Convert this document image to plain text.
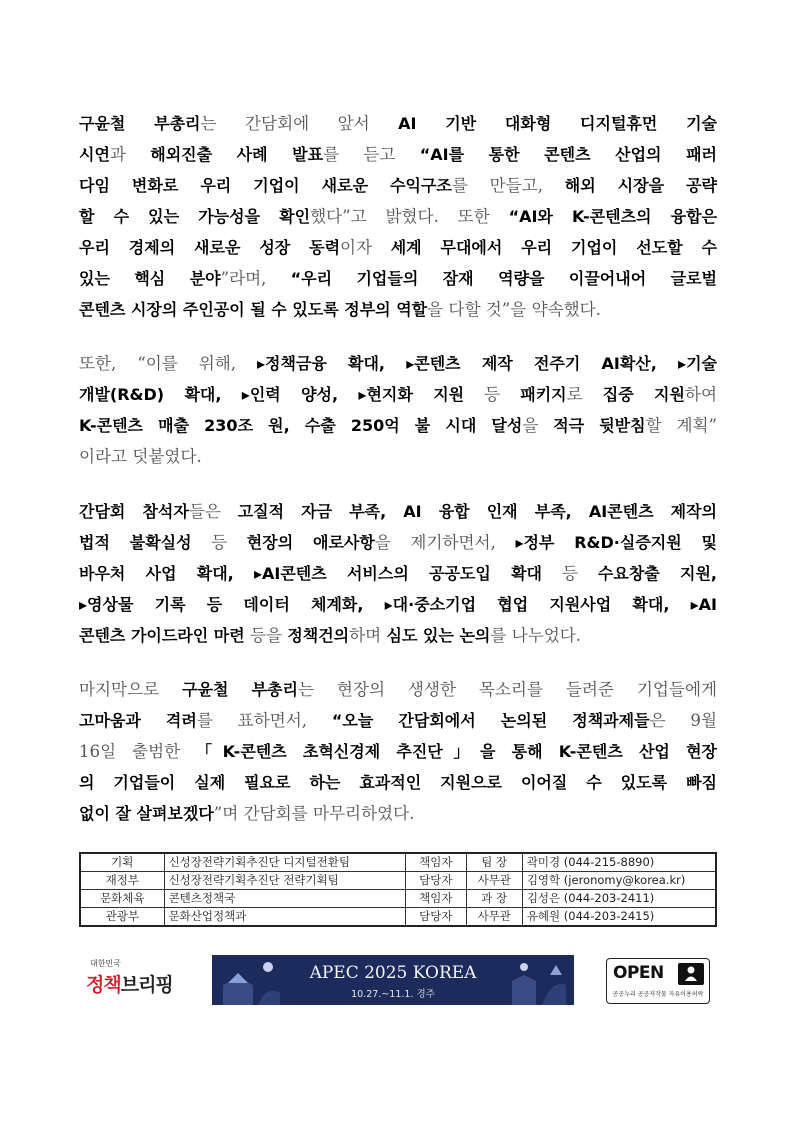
구윤철 부총리는 간담회에 앞서 AI 기반 대화형 디지털휴먼 기술
시연과 해외진출 사례 발표를 듣고 “AI를 통한 콘텐츠 산업의 패러
다임 변화로 우리 기업이 새로운 수익구조를 만들고, 해외 시장을 공략
할 수 있는 가능성을 확인했다”고 밝혔다. 또한 “AI와 K-콘텐츠의 융합은
우리 경제의 새로운 성장 동력이자 세계 무대에서 우리 기업이 선도할 수
있는 핵심 분야”라며, “우리 기업들의 잠재 역량을 이끌어내어 글로벌
콘텐츠 시장의 주인공이 될 수 있도록 정부의 역할을 다할 것”을 약속했다.
또한, “이를 위해, ▸정책금융 확대, ▸콘텐츠 제작 전주기 AI확산, ▸기술
개발(R&D) 확대, ▸인력 양성, ▸현지화 지원 등 패키지로 집중 지원하여
K-콘텐츠 매출 230조 원, 수출 250억 불 시대 달성을 적극 뒷받침할 계획”
이라고 덧붙였다.
간담회 참석자들은 고질적 자금 부족, AI 융합 인재 부족, AI콘텐츠 제작의
법적 불확실성 등 현장의 애로사항을 제기하면서, ▸정부 R&D·실증지원 및
바우처 사업 확대, ▸AI콘텐츠 서비스의 공공도입 확대 등 수요창출 지원,
▸영상물 기록 등 데이터 체계화, ▸대·중소기업 협업 지원사업 확대, ▸AI
콘텐츠 가이드라인 마련 등을 정책건의하며 심도 있는 논의를 나누었다.
마지막으로 구윤철 부총리는 현장의 생생한 목소리를 들려준 기업들에게
고마움과 격려를 표하면서, “오늘 간담회에서 논의된 정책과제들은 9월
16일 출범한 「K-콘텐츠 초혁신경제 추진단」을 통해 K-콘텐츠 산업 현장
의 기업들이 실제 필요로 하는 효과적인 지원으로 이어질 수 있도록 빠짐
없이 잘 살펴보겠다”며 간담회를 마무리하였다.
기획	신성장전략기획추진단 디지털전환팀	책임자	팀 장	곽미경 (044-215-8890)
재정부	신성장전략기획추진단 전략기획팀	담당자	사무관	김영학 (jeronomy@korea.kr)
문화체육	콘텐츠정책국	책임자	과 장	김성은 (044-203-2411)
관광부	문화산업정책과	담당자	사무관	유혜원 (044-203-2415)
대한민국
정책브리핑
APEC 2025 KOREA
10.27.~11.1. 경주
OPEN
공공누리 공공저작물 자유이용허락
